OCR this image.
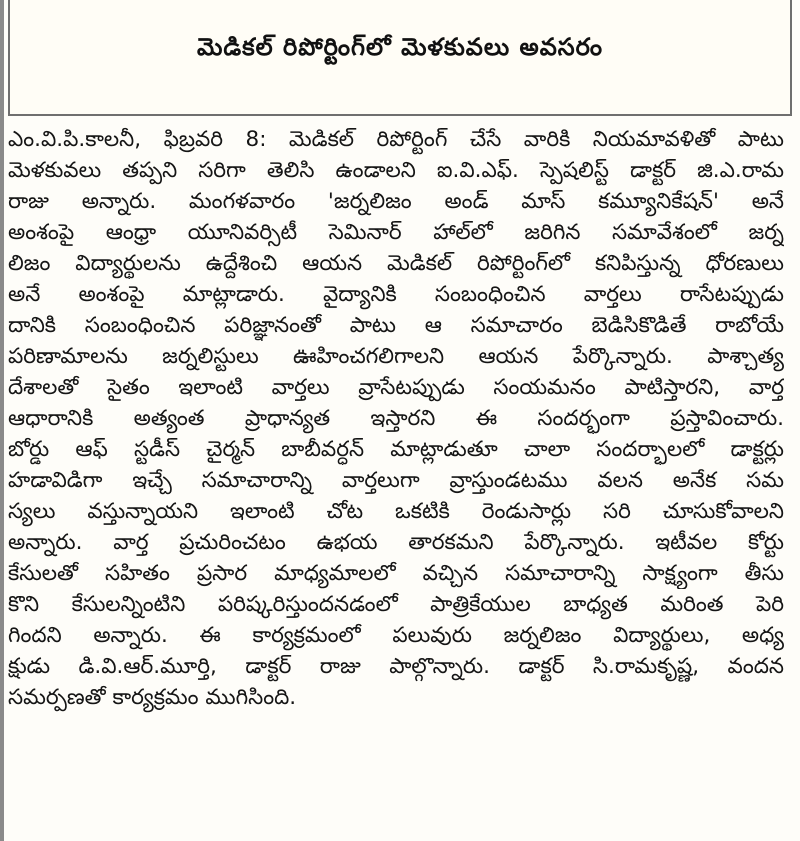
మెడికల్ రిపోర్టింగ్‌లో మెళకువలు అవసరం
ఎం.వి.పి.కాలనీ, ఫిబ్రవరి 8: మెడికల్ రిపోర్టింగ్ చేసే వారికి నియమావళితో పాటు
మెళకువలు తప్పని సరిగా తెలిసి ఉండాలని ఐ.వి.ఎఫ్. స్పెషలిస్ట్ డాక్టర్ జి.ఎ.రామ
రాజు అన్నారు. మంగళవారం 'జర్నలిజం అండ్ మాస్ కమ్యూనికేషన్' అనే
అంశంపై ఆంధ్రా యూనివర్సిటీ సెమినార్ హాల్‌లో జరిగిన సమావేశంలో జర్న
లిజం విద్యార్థులను ఉద్దేశించి ఆయన మెడికల్ రిపోర్టింగ్‌లో కనిపిస్తున్న ధోరణులు
అనే అంశంపై మాట్లాడారు. వైద్యానికి సంబంధించిన వార్తలు రాసేటప్పుడు
దానికి సంబంధించిన పరిజ్ఞానంతో పాటు ఆ సమాచారం బెడిసికొడితే రాబోయే
పరిణామాలను జర్నలిస్టులు ఊహించగలిగాలని ఆయన పేర్కొన్నారు. పాశ్చాత్య
దేశాలతో సైతం ఇలాంటి వార్తలు వ్రాసేటప్పుడు సంయమనం పాటిస్తారని, వార్త
ఆధారానికి అత్యంత ప్రాధాన్యత ఇస్తారని ఈ సందర్భంగా ప్రస్తావించారు.
బోర్డు ఆఫ్ స్టడీస్ చైర్మన్ బాబీవర్ధన్ మాట్లాడుతూ చాలా సందర్భాలలో డాక్టర్లు
హడావిడిగా ఇచ్చే సమాచారాన్ని వార్తలుగా వ్రాస్తుండటము వలన అనేక సమ
స్యలు వస్తున్నాయని ఇలాంటి చోట ఒకటికి రెండుసార్లు సరి చూసుకోవాలని
అన్నారు. వార్త ప్రచురించటం ఉభయ తారకమని పేర్కొన్నారు. ఇటీవల కోర్టు
కేసులతో సహితం ప్రసార మాధ్యమాలలో వచ్చిన సమాచారాన్ని సాక్ష్యంగా తీసు
కొని కేసులన్నింటిని పరిష్కరిస్తుందనడంలో పాత్రికేయుల బాధ్యత మరింత పెరి
గిందని అన్నారు. ఈ కార్యక్రమంలో పలువురు జర్నలిజం విద్యార్థులు, అధ్య
క్షుడు డి.వి.ఆర్.మూర్తి, డాక్టర్ రాజు పాల్గొన్నారు. డాక్టర్ సి.రామకృష్ణ, వందన
సమర్పణతో కార్యక్రమం ముగిసింది.
